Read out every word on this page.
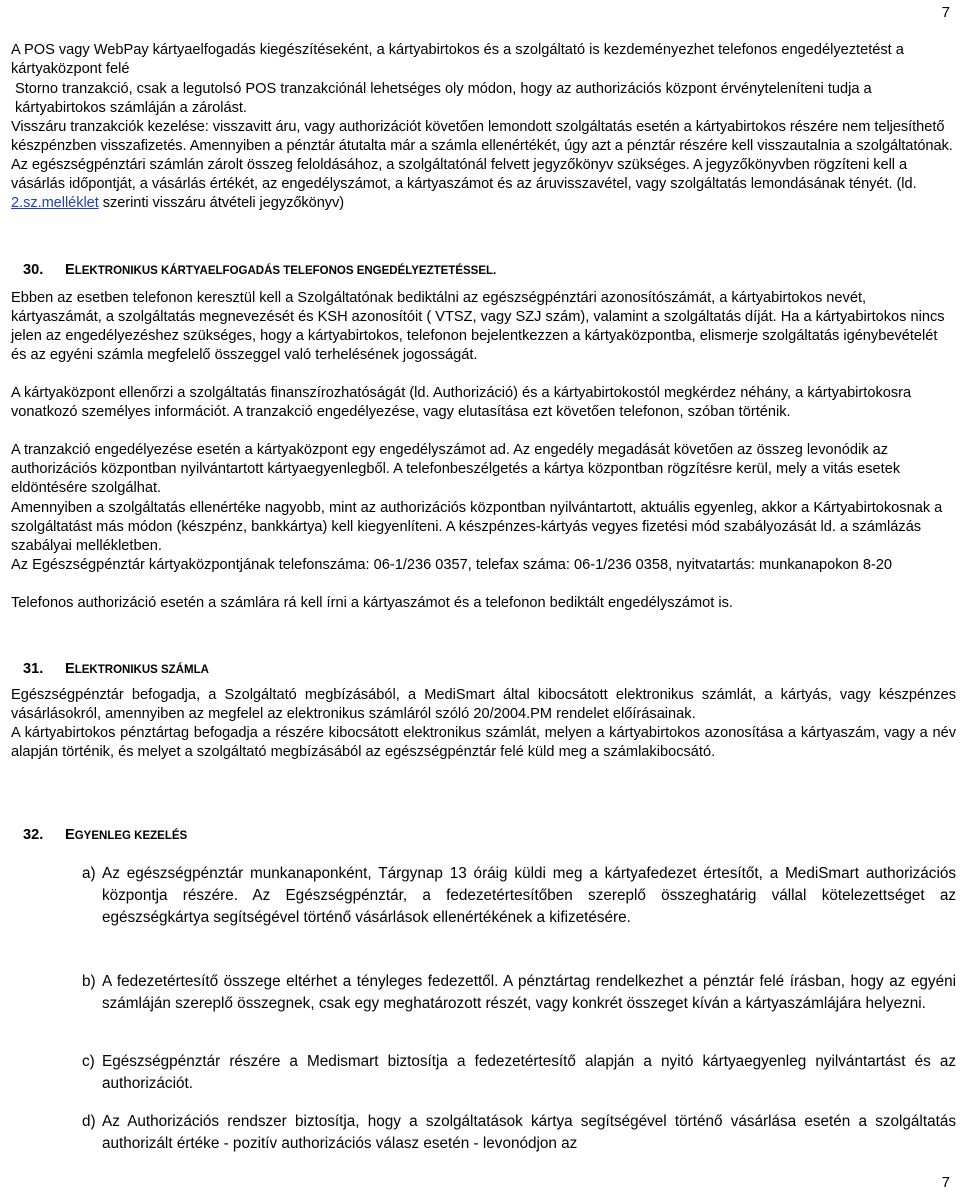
7

A POS vagy WebPay kártyaelfogadás kiegészítéseként, a kártyabirtokos és a szolgáltató is kezdeményezhet telefonos engedélyeztetést a kártyaközpont felé

Storno tranzakció, csak a legutolsó POS tranzakciónál lehetséges oly módon, hogy az authorizációs központ érvényteleníteni tudja a kártyabirtokos számláján a zárolást.

Visszáru tranzakciók kezelése: visszavitt áru, vagy authorizációt követően lemondott szolgáltatás esetén a kártyabirtokos részére nem teljesíthető készpénzben visszafizetés. Amennyiben a pénztár átutalta már a számla ellenértékét, úgy azt a pénztár részére kell visszautalnia a szolgáltatónak. Az egészségpénztári számlán zárolt összeg feloldásához, a szolgáltatónál felvett jegyzőkönyv szükséges. A jegyzőkönyvben rögzíteni kell a vásárlás időpontját, a vásárlás értékét, az engedélyszámot, a kártyaszámot és az áruvisszavétel, vagy szolgáltatás lemondásának tényét. (ld. 2.sz.melléklet szerinti visszáru átvételi jegyzőkönyv)

30. ELEKTRONIKUS KÁRTYAELFOGADÁS TELEFONOS ENGEDÉLYEZTETÉSSEL.

Ebben az esetben telefonon keresztül kell a Szolgáltatónak bediktálni az egészségpénztári azonosítószámát, a kártyabirtokos nevét, kártyaszámát, a szolgáltatás megnevezését és KSH azonosítóit ( VTSZ, vagy SZJ szám), valamint a szolgáltatás díját. Ha a kártyabirtokos nincs jelen az engedélyezéshez szükséges, hogy a kártyabirtokos, telefonon bejelentkezzen a kártyaközpontba, elismerje szolgáltatás igénybevételét és az egyéni számla megfelelő összeggel való terhelésének jogosságát.

A kártyaközpont ellenőrzi a szolgáltatás finanszírozhatóságát (ld. Authorizáció) és a kártyabirtokostól megkérdez néhány, a kártyabirtokosra vonatkozó személyes információt. A tranzakció engedélyezése, vagy elutasítása ezt követően telefonon, szóban történik.

A tranzakció engedélyezése esetén a kártyaközpont egy engedélyszámot ad. Az engedély megadását követően az összeg levonódik az authorizációs központban nyilvántartott kártyaegyenlegből. A telefonbeszélgetés a kártya központban rögzítésre kerül, mely a vitás esetek eldöntésére szolgálhat.

Amennyiben a szolgáltatás ellenértéke nagyobb, mint az authorizációs központban nyilvántartott, aktuális egyenleg, akkor a Kártyabirtokosnak a szolgáltatást más módon (készpénz, bankkártya) kell kiegyenlíteni. A készpénzes-kártyás vegyes fizetési mód szabályozását ld. a számlázás szabályai mellékletben.

Az Egészségpénztár kártyaközpontjának telefonszáma: 06-1/236 0357, telefax száma: 06-1/236 0358, nyitvatartás: munkanapokon 8-20

Telefonos authorizáció esetén a számlára rá kell írni a kártyaszámot és a telefonon bediktált engedélyszámot is.

31. ELEKTRONIKUS SZÁMLA

Egészségpénztár befogadja, a Szolgáltató megbízásából, a MediSmart által kibocsátott elektronikus számlát, a kártyás, vagy készpénzes vásárlásokról, amennyiben az megfelel az elektronikus számláról szóló 20/2004.PM rendelet előírásainak.

A kártyabirtokos pénztártag befogadja a részére kibocsátott elektronikus számlát, melyen a kártyabirtokos azonosítása a kártyaszám, vagy a név alapján történik, és melyet a szolgáltató megbízásából az egészségpénztár felé küld meg a számlakibocsátó.

32. EGYENLEG KEZELÉS
a) Az egészségpénztár munkanaponként, Tárgynap 13 óráig küldi meg a kártyafedezet értesítőt, a MediSmart authorizációs központja részére. Az Egészségpénztár, a fedezetértesítőben szereplő összeghatárig vállal kötelezettséget az egészségkártya segítségével történő vásárlások ellenértékének a kifizetésére.
b) A fedezetértesítő összege eltérhet a tényleges fedezettől. A pénztártag rendelkezhet a pénztár felé írásban, hogy az egyéni számláján szereplő összegnek, csak egy meghatározott részét, vagy konkrét összeget kíván a kártyaszámlájára helyezni.
c) Egészségpénztár részére a Medismart biztosítja a fedezetértesítő alapján a nyitó kártyaegyenleg nyilvántartást és az authorizációt.
d) Az Authorizációs rendszer biztosítja, hogy a szolgáltatások kártya segítségével történő vásárlása esetén a szolgáltatás authorizált értéke - pozitív authorizációs válasz esetén - levonódjon az
7
